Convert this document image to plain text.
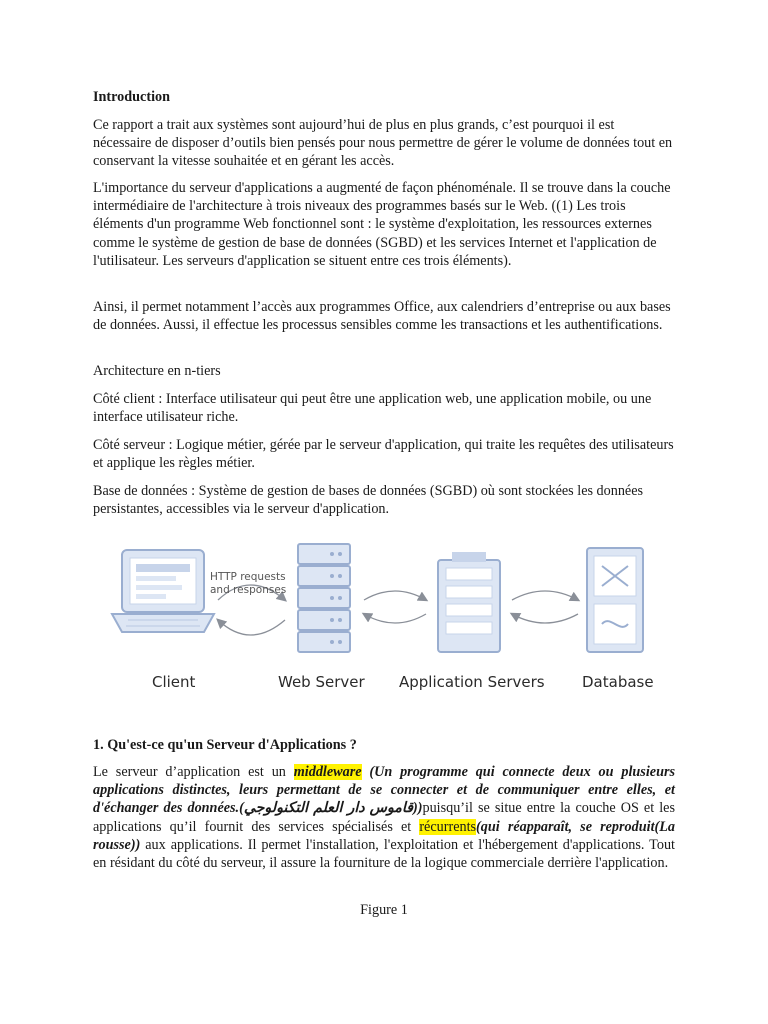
Introduction

Ce rapport a trait aux systèmes sont aujourd’hui de plus en plus grands, c’est pourquoi il est nécessaire de disposer d’outils bien pensés pour nous permettre de gérer le volume de données tout en conservant la vitesse souhaitée et en gérant les accès.

L'importance du serveur d'applications a augmenté de façon phénoménale. Il se trouve dans la couche intermédiaire de l'architecture à trois niveaux des programmes basés sur le Web. ((1) Les trois éléments d'un programme Web fonctionnel sont : le système d'exploitation, les ressources externes comme le système de gestion de base de données (SGBD) et les services Internet et l'application de l'utilisateur. Les serveurs d'application se situent entre ces trois éléments).

Ainsi, il permet notamment l’accès aux programmes Office, aux calendriers d’entreprise ou aux bases de données. Aussi, il effectue les processus sensibles comme les transactions et les authentifications.

Architecture en n-tiers

Côté client : Interface utilisateur qui peut être une application web, une application mobile, ou une interface utilisateur riche.

Côté serveur : Logique métier, gérée par le serveur d'application, qui traite les requêtes des utilisateurs et applique les règles métier.

Base de données : Système de gestion de bases de données (SGBD) où sont stockées les données persistantes, accessibles via le serveur d'application.

HTTP requests
and responses
Client	Web Server Application Servers Database

1. Qu'est-ce qu'un Serveur d'Applications ?

Le serveur d’application est un middleware (Un programme qui connecte deux ou plusieurs applications distinctes, leurs permettant de se connecter et de communiquer entre elles, et d'échanger des données.(قاموس دار العلم التكنولوجي))puisqu’il se situe entre la couche OS et les applications qu’il fournit des services spécialisés et récurrents(qui réapparaît, se reproduit(La rousse)) aux applications. Il permet l'installation, l'exploitation et l'hébergement d'applications. Tout en résidant du côté du serveur, il assure la fourniture de la logique commerciale derrière l'application.

Figure 1
